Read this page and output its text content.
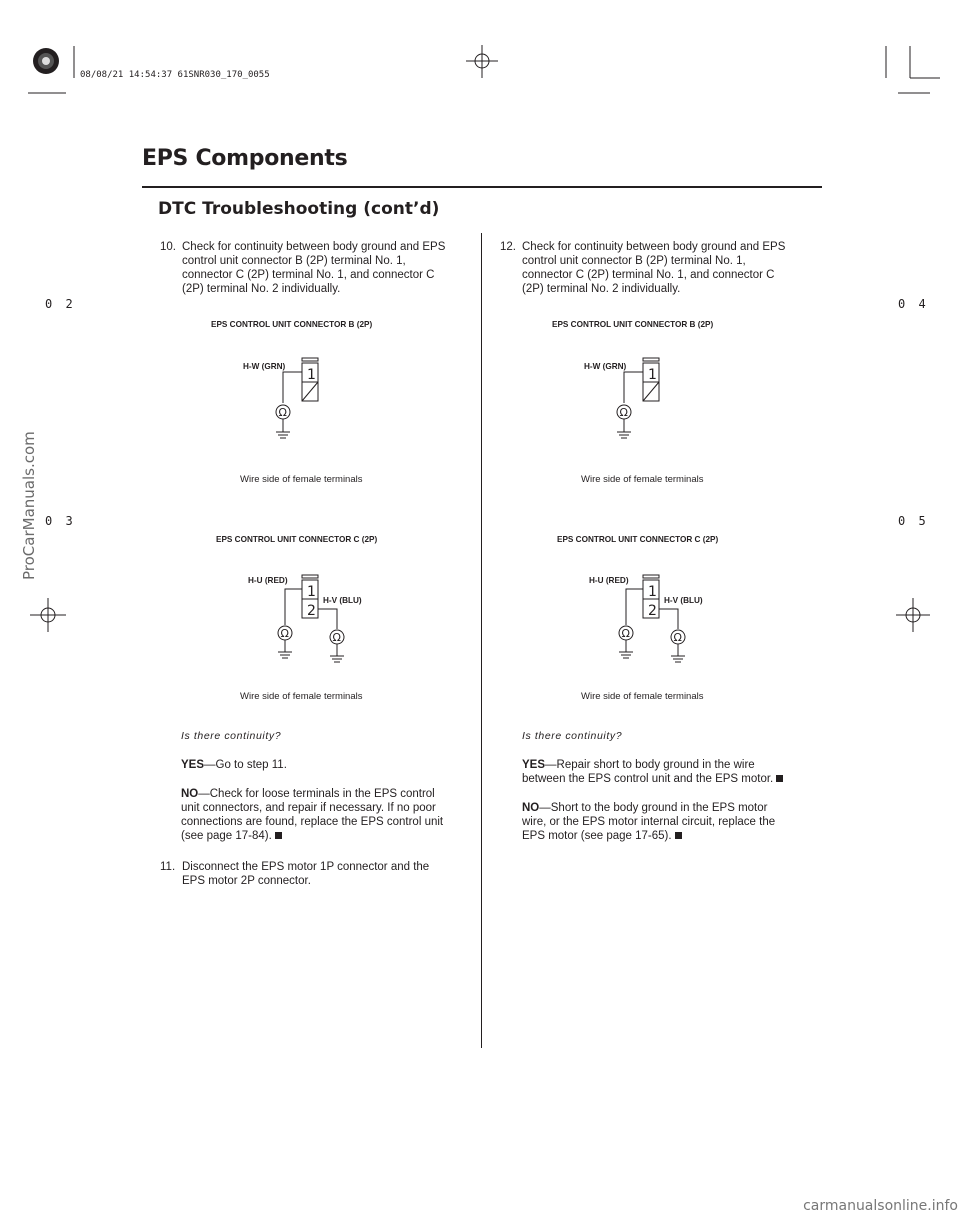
08/08/21 14:54:37 61SNR030_170_0055
EPS Components
DTC Troubleshooting (cont’d)
0 2
0 3
0 4
0 5
ProCarManuals.com
carmanualsonline.info
10. Check for continuity between body ground and EPS
control unit connector B (2P) terminal No. 1,
connector C (2P) terminal No. 1, and connector C
(2P) terminal No. 2 individually.
EPS CONTROL UNIT CONNECTOR B (2P)
H-W (GRN)
1
Ω
Wire side of female terminals
EPS CONTROL UNIT CONNECTOR C (2P)
H-U (RED)
H-V (BLU)
1
2
Ω	Ω
Wire side of female terminals
Is there continuity?
YES—Go to step 11.
NO—Check for loose terminals in the EPS control
unit connectors, and repair if necessary. If no poor
connections are found, replace the EPS control unit
(see page 17-84).
11. Disconnect the EPS motor 1P connector and the
EPS motor 2P connector.
12. Check for continuity between body ground and EPS
control unit connector B (2P) terminal No. 1,
connector C (2P) terminal No. 1, and connector C
(2P) terminal No. 2 individually.
EPS CONTROL UNIT CONNECTOR B (2P)
H-W (GRN)
1
Ω
Wire side of female terminals
EPS CONTROL UNIT CONNECTOR C (2P)
H-U (RED)
H-V (BLU)
1
2
Ω	Ω
Wire side of female terminals
Is there continuity?
YES—Repair short to body ground in the wire
between the EPS control unit and the EPS motor.
NO—Short to the body ground in the EPS motor
wire, or the EPS motor internal circuit, replace the
EPS motor (see page 17-65).
